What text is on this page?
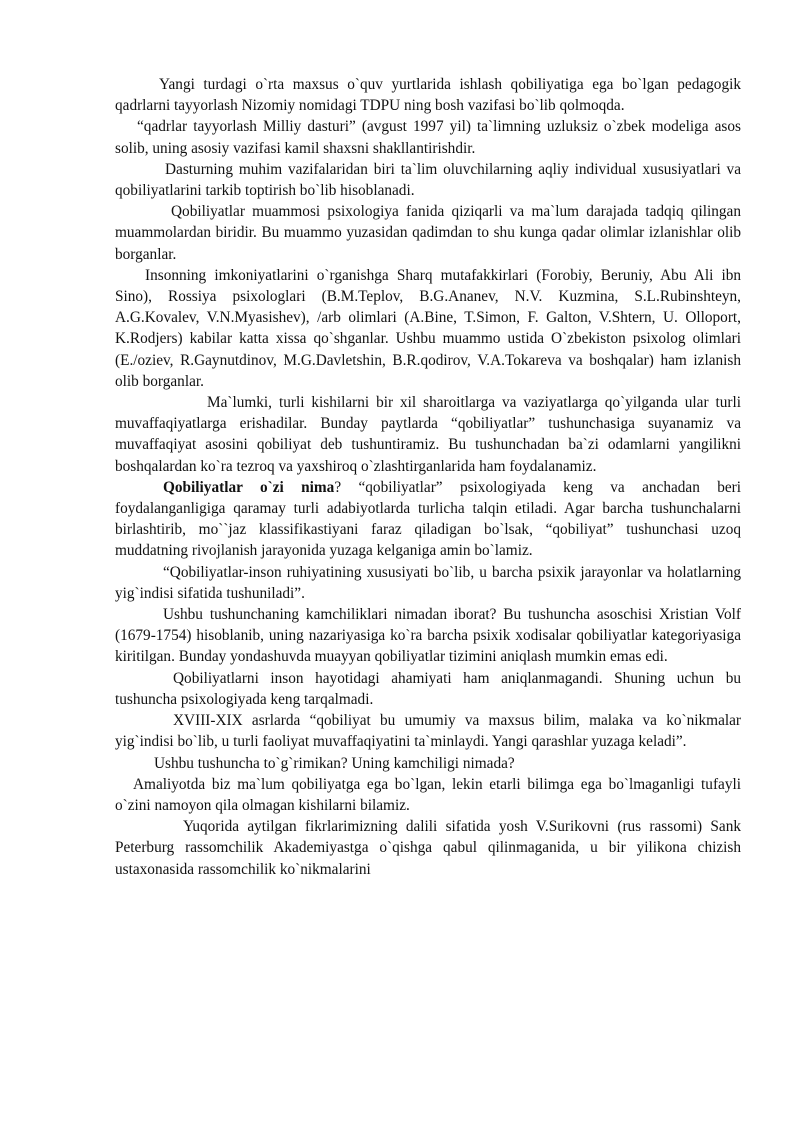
Yangi turdagi o`rta maxsus o`quv yurtlarida ishlash qobiliyatiga ega bo`lgan pedagogik qadrlarni tayyorlash Nizomiy nomidagi TDPU ning bosh vazifasi bo`lib qolmoqda.

“qadrlar tayyorlash Milliy dasturi” (avgust 1997 yil) ta`limning uzluksiz o`zbek modeliga asos solib, uning asosiy vazifasi kamil shaxsni shakllantirishdir.

Dasturning muhim vazifalaridan biri ta`lim oluvchilarning aqliy individual xususiyatlari va qobiliyatlarini tarkib toptirish bo`lib hisoblanadi.

Qobiliyatlar muammosi psixologiya fanida qiziqarli va ma`lum darajada tadqiq qilingan muammolardan biridir. Bu muammo yuzasidan qadimdan to shu kunga qadar olimlar izlanishlar olib borganlar.

Insonning imkoniyatlarini o`rganishga Sharq mutafakkirlari (Forobiy, Beruniy, Abu Ali ibn Sino), Rossiya psixologlari (B.M.Teplov, B.G.Ananev, N.V. Kuzmina, S.L.Rubinshteyn, A.G.Kovalev, V.N.Myasishev), /arb olimlari (A.Bine, T.Simon, F. Galton, V.Shtern, U. Olloport, K.Rodjers) kabilar katta xissa qo`shganlar. Ushbu muammo ustida O`zbekiston psixolog olimlari (E./oziev, R.Gaynutdinov, M.G.Davletshin, B.R.qodirov, V.A.Tokareva va boshqalar) ham izlanish olib borganlar.

Ma`lumki, turli kishilarni bir xil sharoitlarga va vaziyatlarga qo`yilganda ular turli muvaffaqiyatlarga erishadilar. Bunday paytlarda “qobiliyatlar” tushunchasiga suyanamiz va muvaffaqiyat asosini qobiliyat deb tushuntiramiz. Bu tushunchadan ba`zi odamlarni yangilikni boshqalardan ko`ra tezroq va yaxshiroq o`zlashtirganlarida ham foydalanamiz.

Qobiliyatlar o`zi nima? “qobiliyatlar” psixologiyada keng va anchadan beri foydalanganligiga qaramay turli adabiyotlarda turlicha talqin etiladi. Agar barcha tushunchalarni birlashtirib, mo``jaz klassifikastiyani faraz qiladigan bo`lsak, “qobiliyat” tushunchasi uzoq muddatning rivojlanish jarayonida yuzaga kelganiga amin bo`lamiz.

“Qobiliyatlar-inson ruhiyatining xususiyati bo`lib, u barcha psixik jarayonlar va holatlarning yig`indisi sifatida tushuniladi”.

Ushbu tushunchaning kamchiliklari nimadan iborat? Bu tushuncha asoschisi Xristian Volf (1679-1754) hisoblanib, uning nazariyasiga ko`ra barcha psixik xodisalar qobiliyatlar kategoriyasiga kiritilgan. Bunday yondashuvda muayyan qobiliyatlar tizimini aniqlash mumkin emas edi.

Qobiliyatlarni inson hayotidagi ahamiyati ham aniqlanmagandi. Shuning uchun bu tushuncha psixologiyada keng tarqalmadi.

XVIII-XIX asrlarda “qobiliyat bu umumiy va maxsus bilim, malaka va ko`nikmalar yig`indisi bo`lib, u turli faoliyat muvaffaqiyatini ta`minlaydi. Yangi qarashlar yuzaga keladi”.

Ushbu tushuncha to`g`rimikan? Uning kamchiligi nimada?

Amaliyotda biz ma`lum qobiliyatga ega bo`lgan, lekin etarli bilimga ega bo`lmaganligi tufayli o`zini namoyon qila olmagan kishilarni bilamiz.

Yuqorida aytilgan fikrlarimizning dalili sifatida yosh V.Surikovni (rus rassomi) Sank Peterburg rassomchilik Akademiyastga o`qishga qabul qilinmaganida, u bir yilikona chizish ustaxonasida rassomchilik ko`nikmalarini
